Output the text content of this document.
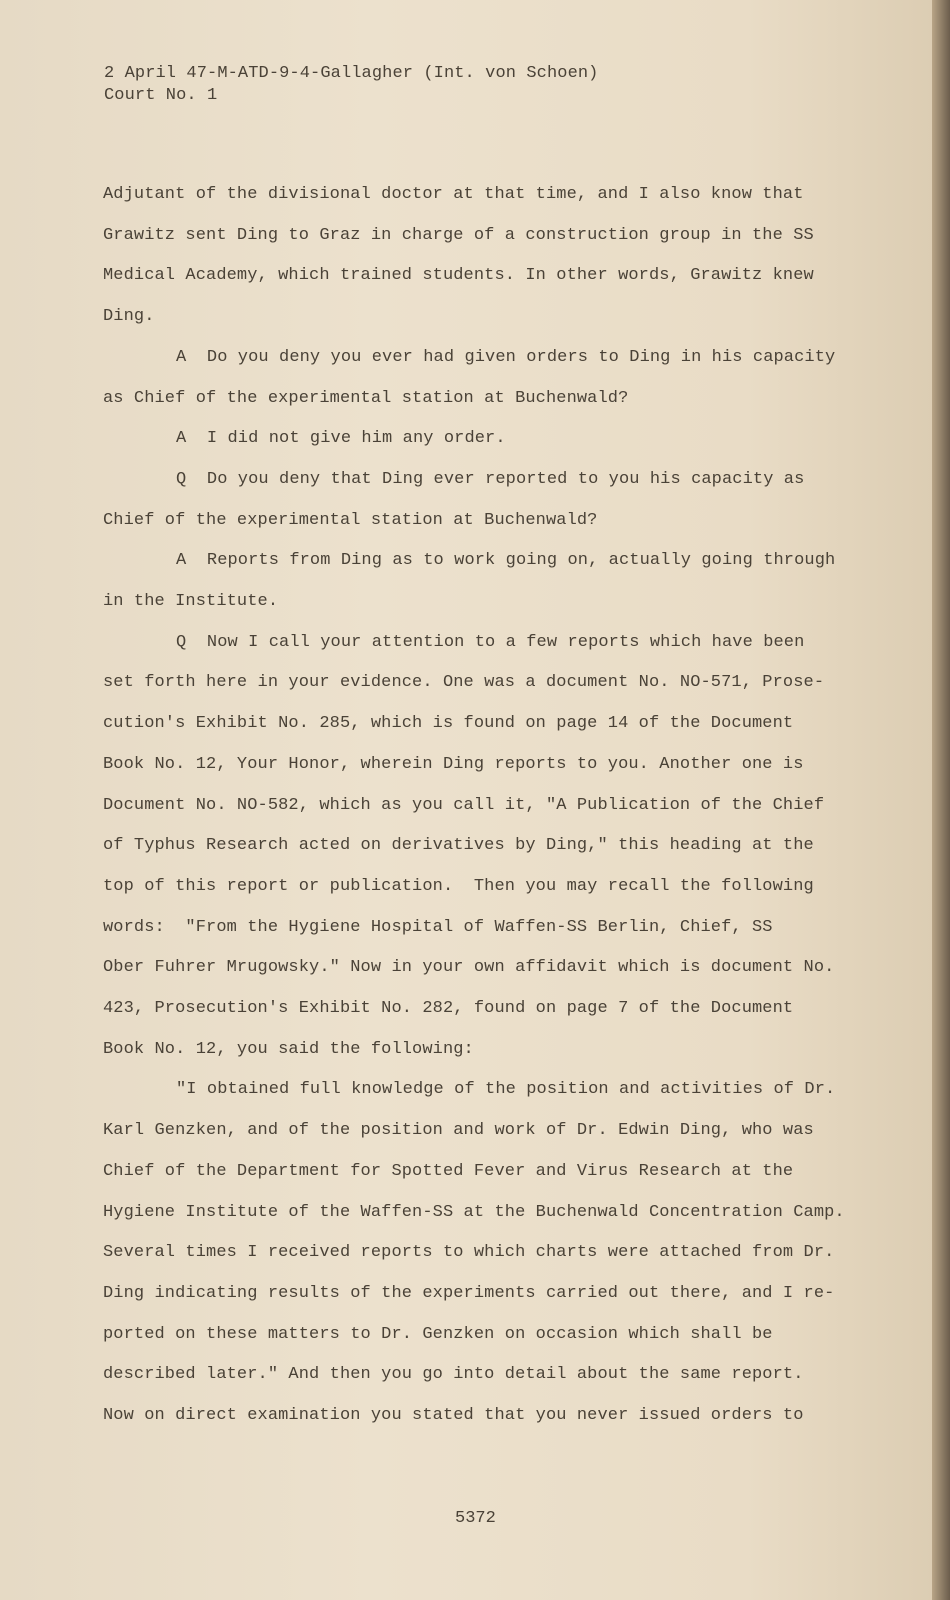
2 April 47-M-ATD-9-4-Gallagher (Int. von Schoen)
Court No. 1
Adjutant of the divisional doctor at that time, and I also know that
Grawitz sent Ding to Graz in charge of a construction group in the SS
Medical Academy, which trained students. In other words, Grawitz knew
Ding.
A  Do you deny you ever had given orders to Ding in his capacity
as Chief of the experimental station at Buchenwald?
A  I did not give him any order.
Q  Do you deny that Ding ever reported to you his capacity as
Chief of the experimental station at Buchenwald?
A  Reports from Ding as to work going on, actually going through
in the Institute.
Q  Now I call your attention to a few reports which have been
set forth here in your evidence. One was a document No. NO-571, Prose-
cution's Exhibit No. 285, which is found on page 14 of the Document
Book No. 12, Your Honor, wherein Ding reports to you. Another one is
Document No. NO-582, which as you call it, "A Publication of the Chief
of Typhus Research acted on derivatives by Ding," this heading at the
top of this report or publication.  Then you may recall the following
words:  "From the Hygiene Hospital of Waffen-SS Berlin, Chief, SS
Ober Fuhrer Mrugowsky." Now in your own affidavit which is document No.
423, Prosecution's Exhibit No. 282, found on page 7 of the Document
Book No. 12, you said the following:
"I obtained full knowledge of the position and activities of Dr.
Karl Genzken, and of the position and work of Dr. Edwin Ding, who was
Chief of the Department for Spotted Fever and Virus Research at the
Hygiene Institute of the Waffen-SS at the Buchenwald Concentration Camp.
Several times I received reports to which charts were attached from Dr.
Ding indicating results of the experiments carried out there, and I re-
ported on these matters to Dr. Genzken on occasion which shall be
described later." And then you go into detail about the same report.
Now on direct examination you stated that you never issued orders to
5372
